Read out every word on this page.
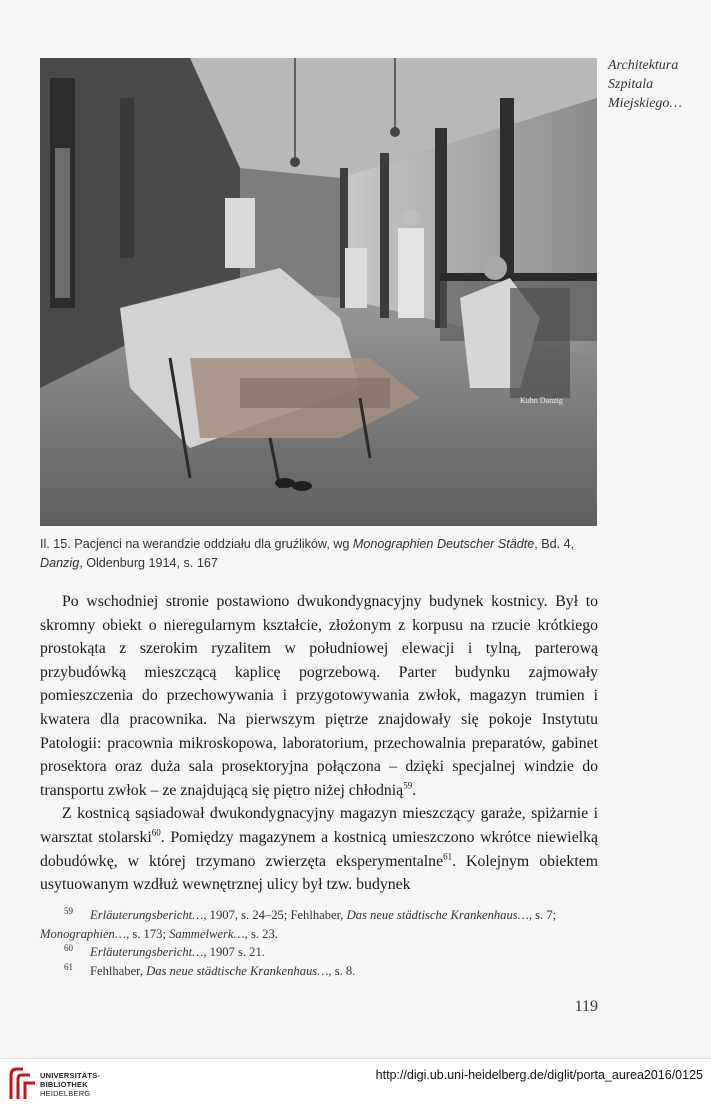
Architektura
Szpitala
Miejskiego…
Kuhn Danzig
Il. 15. Pacjenci na werandzie oddziału dla gruźlików, wg Monographien Deutscher Städte, Bd. 4, Danzig, Oldenburg 1914, s. 167

Po wschodniej stronie postawiono dwukondygnacyjny budynek kostnicy. Był to skromny obiekt o nieregularnym kształcie, złożonym z korpusu na rzucie krótkiego prostokąta z szerokim ryzalitem w południowej elewacji i tylną, parterową przybudówką mieszczącą kaplicę pogrzebową. Parter budynku zajmowały pomieszczenia do przechowywania i przygotowywania zwłok, magazyn trumien i kwatera dla pracownika. Na pierwszym piętrze znajdowały się pokoje Instytutu Patologii: pracownia mikroskopowa, laboratorium, przechowalnia preparatów, gabinet prosektora oraz duża sala prosektoryjna połączona – dzięki specjalnej windzie do transportu zwłok – ze znajdującą się piętro niżej chłodnią$^{59}$.

Z kostnicą sąsiadował dwukondygnacyjny magazyn mieszczący garaże, spiżarnie i warsztat stolarski$^{60}$. Pomiędzy magazynem a kostnicą umieszczono wkrótce niewielką dobudówkę, w której trzymano zwierzęta eksperymentalne$^{61}$. Kolejnym obiektem usytuowanym wzdłuż wewnętrznej ulicy był tzw. budynek

59 Erläuterungsbericht…, 1907, s. 24–25; Fehlhaber, Das neue städtische Krankenhaus…, s. 7; Monographien…, s. 173; Sammelwerk…, s. 23.

60 Erläuterungsbericht…, 1907 s. 21.

61 Fehlhaber, Das neue städtische Krankenhaus…, s. 8.

119
UNIVERSITÄTS-
BIBLIOTHEK
HEIDELBERG
http://digi.ub.uni-heidelberg.de/diglit/porta_aurea2016/0125
